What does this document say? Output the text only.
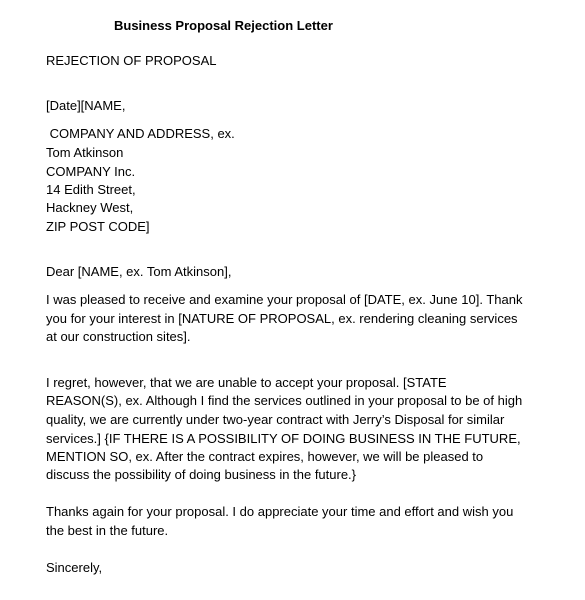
Business Proposal Rejection Letter
REJECTION OF PROPOSAL
[Date][NAME,
COMPANY AND ADDRESS, ex.
Tom Atkinson
COMPANY Inc.
14 Edith Street,
Hackney West,
ZIP POST CODE]
Dear [NAME, ex. Tom Atkinson],
I was pleased to receive and examine your proposal of [DATE, ex. June 10]. Thank
you for your interest in [NATURE OF PROPOSAL, ex. rendering cleaning services
at our construction sites].
I regret, however, that we are unable to accept your proposal. [STATE
REASON(S), ex. Although I find the services outlined in your proposal to be of high
quality, we are currently under two-year contract with Jerry’s Disposal for similar
services.] {IF THERE IS A POSSIBILITY OF DOING BUSINESS IN THE FUTURE,
MENTION SO, ex. After the contract expires, however, we will be pleased to
discuss the possibility of doing business in the future.}
Thanks again for your proposal. I do appreciate your time and effort and wish you
the best in the future.
Sincerely,
